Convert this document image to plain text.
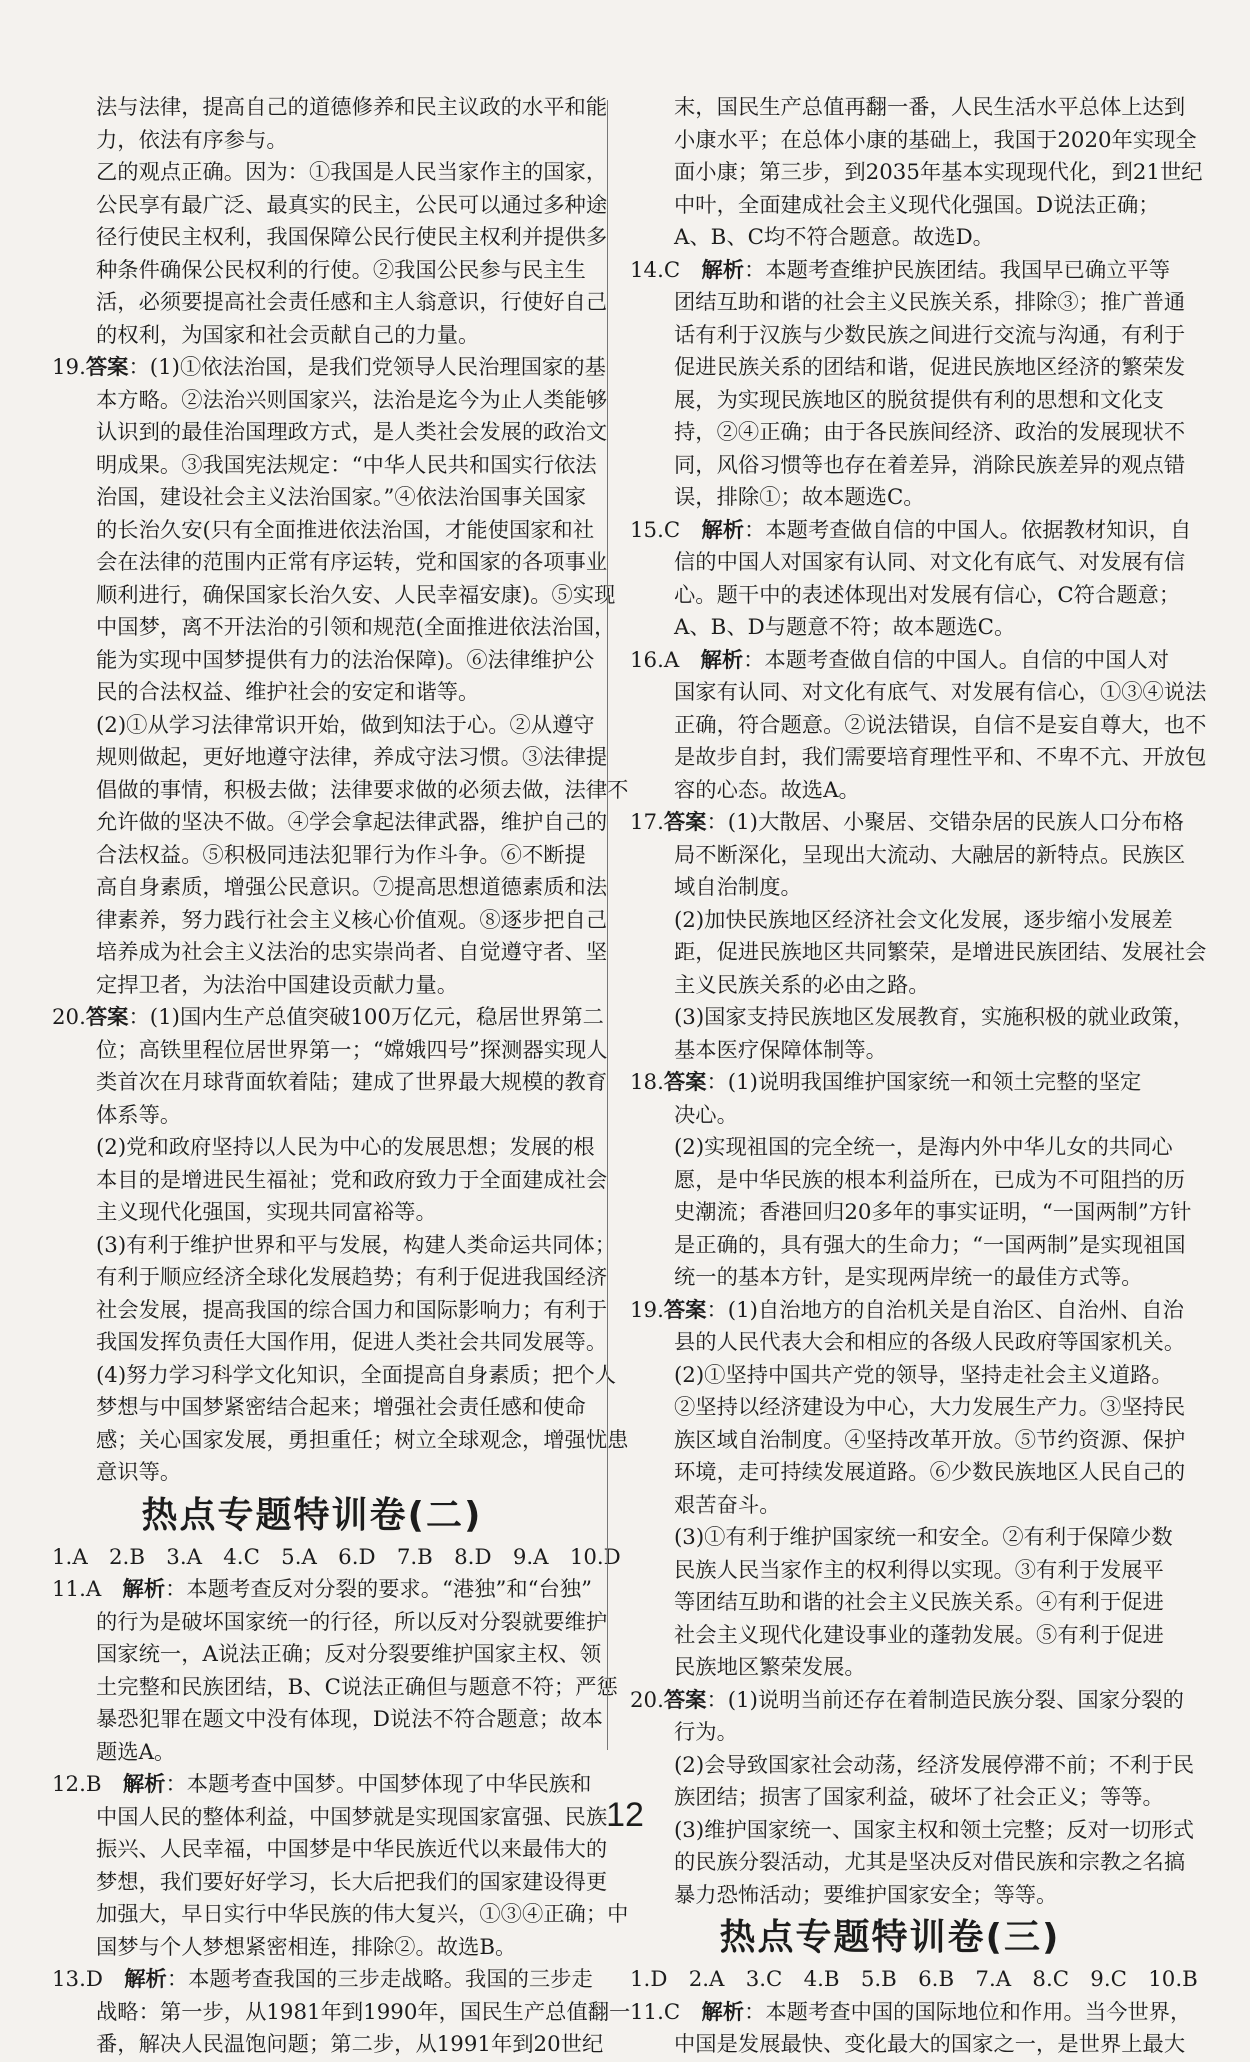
法与法律，提高自己的道德修养和民主议政的水平和能
力，依法有序参与。
乙的观点正确。因为：①我国是人民当家作主的国家，
公民享有最广泛、最真实的民主，公民可以通过多种途
径行使民主权利，我国保障公民行使民主权利并提供多
种条件确保公民权利的行使。②我国公民参与民主生
活，必须要提高社会责任感和主人翁意识，行使好自己
的权利，为国家和社会贡献自己的力量。
19.答案：(1)①依法治国，是我们党领导人民治理国家的基
本方略。②法治兴则国家兴，法治是迄今为止人类能够
认识到的最佳治国理政方式，是人类社会发展的政治文
明成果。③我国宪法规定：“中华人民共和国实行依法
治国，建设社会主义法治国家。”④依法治国事关国家
的长治久安(只有全面推进依法治国，才能使国家和社
会在法律的范围内正常有序运转，党和国家的各项事业
顺利进行，确保国家长治久安、人民幸福安康)。⑤实现
中国梦，离不开法治的引领和规范(全面推进依法治国，
能为实现中国梦提供有力的法治保障)。⑥法律维护公
民的合法权益、维护社会的安定和谐等。
(2)①从学习法律常识开始，做到知法于心。②从遵守
规则做起，更好地遵守法律，养成守法习惯。③法律提
倡做的事情，积极去做；法律要求做的必须去做，法律不
允许做的坚决不做。④学会拿起法律武器，维护自己的
合法权益。⑤积极同违法犯罪行为作斗争。⑥不断提
高自身素质，增强公民意识。⑦提高思想道德素质和法
律素养，努力践行社会主义核心价值观。⑧逐步把自己
培养成为社会主义法治的忠实崇尚者、自觉遵守者、坚
定捍卫者，为法治中国建设贡献力量。
20.答案：(1)国内生产总值突破100万亿元，稳居世界第二
位；高铁里程位居世界第一；“嫦娥四号”探测器实现人
类首次在月球背面软着陆；建成了世界最大规模的教育
体系等。
(2)党和政府坚持以人民为中心的发展思想；发展的根
本目的是增进民生福祉；党和政府致力于全面建成社会
主义现代化强国，实现共同富裕等。
(3)有利于维护世界和平与发展，构建人类命运共同体；
有利于顺应经济全球化发展趋势；有利于促进我国经济
社会发展，提高我国的综合国力和国际影响力；有利于
我国发挥负责任大国作用，促进人类社会共同发展等。
(4)努力学习科学文化知识，全面提高自身素质；把个人
梦想与中国梦紧密结合起来；增强社会责任感和使命
感；关心国家发展，勇担重任；树立全球观念，增强忧患
意识等。
热点专题特训卷(二)
1.A　2.B　3.A　4.C　5.A　6.D　7.B　8.D　9.A　10.D
11.A　解析：本题考查反对分裂的要求。“港独”和“台独”
的行为是破坏国家统一的行径，所以反对分裂就要维护
国家统一，A说法正确；反对分裂要维护国家主权、领
土完整和民族团结，B、C说法正确但与题意不符；严惩
暴恐犯罪在题文中没有体现，D说法不符合题意；故本
题选A。
12.B　解析：本题考查中国梦。中国梦体现了中华民族和
中国人民的整体利益，中国梦就是实现国家富强、民族
振兴、人民幸福，中国梦是中华民族近代以来最伟大的
梦想，我们要好好学习，长大后把我们的国家建设得更
加强大，早日实行中华民族的伟大复兴，①③④正确；中
国梦与个人梦想紧密相连，排除②。故选B。
13.D　解析：本题考查我国的三步走战略。我国的三步走
战略：第一步，从1981年到1990年，国民生产总值翻一
番，解决人民温饱问题；第二步，从1991年到20世纪
末，国民生产总值再翻一番，人民生活水平总体上达到
小康水平；在总体小康的基础上，我国于2020年实现全
面小康；第三步，到2035年基本实现现代化，到21世纪
中叶，全面建成社会主义现代化强国。D说法正确；
A、B、C均不符合题意。故选D。
14.C　解析：本题考查维护民族团结。我国早已确立平等
团结互助和谐的社会主义民族关系，排除③；推广普通
话有利于汉族与少数民族之间进行交流与沟通，有利于
促进民族关系的团结和谐，促进民族地区经济的繁荣发
展，为实现民族地区的脱贫提供有利的思想和文化支
持，②④正确；由于各民族间经济、政治的发展现状不
同，风俗习惯等也存在着差异，消除民族差异的观点错
误，排除①；故本题选C。
15.C　解析：本题考查做自信的中国人。依据教材知识，自
信的中国人对国家有认同、对文化有底气、对发展有信
心。题干中的表述体现出对发展有信心，C符合题意；
A、B、D与题意不符；故本题选C。
16.A　解析：本题考查做自信的中国人。自信的中国人对
国家有认同、对文化有底气、对发展有信心，①③④说法
正确，符合题意。②说法错误，自信不是妄自尊大，也不
是故步自封，我们需要培育理性平和、不卑不亢、开放包
容的心态。故选A。
17.答案：(1)大散居、小聚居、交错杂居的民族人口分布格
局不断深化，呈现出大流动、大融居的新特点。民族区
域自治制度。
(2)加快民族地区经济社会文化发展，逐步缩小发展差
距，促进民族地区共同繁荣，是增进民族团结、发展社会
主义民族关系的必由之路。
(3)国家支持民族地区发展教育，实施积极的就业政策，
基本医疗保障体制等。
18.答案：(1)说明我国维护国家统一和领土完整的坚定
决心。
(2)实现祖国的完全统一，是海内外中华儿女的共同心
愿，是中华民族的根本利益所在，已成为不可阻挡的历
史潮流；香港回归20多年的事实证明，“一国两制”方针
是正确的，具有强大的生命力；“一国两制”是实现祖国
统一的基本方针，是实现两岸统一的最佳方式等。
19.答案：(1)自治地方的自治机关是自治区、自治州、自治
县的人民代表大会和相应的各级人民政府等国家机关。
(2)①坚持中国共产党的领导，坚持走社会主义道路。
②坚持以经济建设为中心，大力发展生产力。③坚持民
族区域自治制度。④坚持改革开放。⑤节约资源、保护
环境，走可持续发展道路。⑥少数民族地区人民自己的
艰苦奋斗。
(3)①有利于维护国家统一和安全。②有利于保障少数
民族人民当家作主的权利得以实现。③有利于发展平
等团结互助和谐的社会主义民族关系。④有利于促进
社会主义现代化建设事业的蓬勃发展。⑤有利于促进
民族地区繁荣发展。
20.答案：(1)说明当前还存在着制造民族分裂、国家分裂的
行为。
(2)会导致国家社会动荡，经济发展停滞不前；不利于民
族团结；损害了国家利益，破坏了社会正义；等等。
(3)维护国家统一、国家主权和领土完整；反对一切形式
的民族分裂活动，尤其是坚决反对借民族和宗教之名搞
暴力恐怖活动；要维护国家安全；等等。
热点专题特训卷(三)
1.D　2.A　3.C　4.B　5.B　6.B　7.A　8.C　9.C　10.B
11.C　解析：本题考查中国的国际地位和作用。当今世界，
中国是发展最快、变化最大的国家之一，是世界上最大
12
